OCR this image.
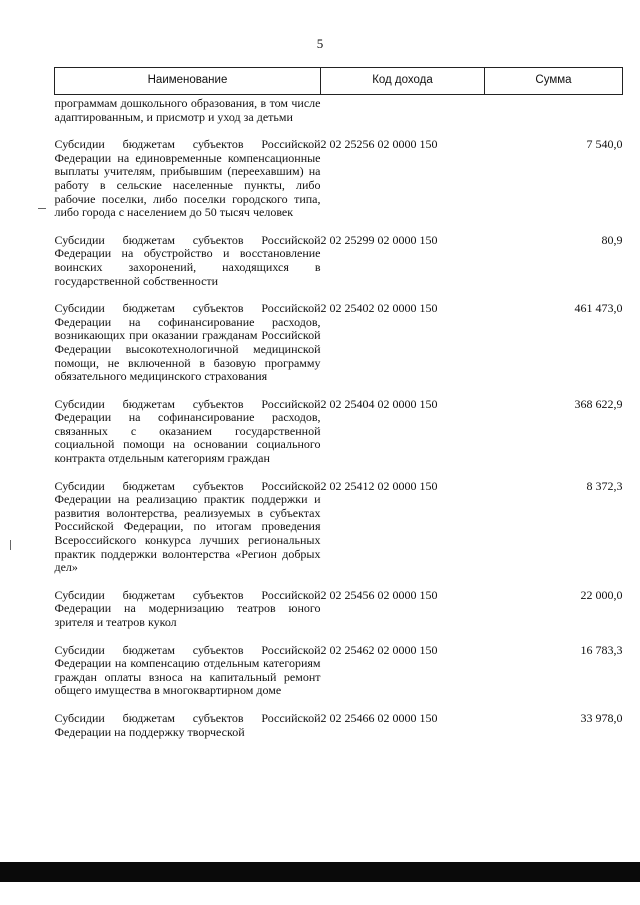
5
Наименование	Код дохода	Сумма
программам дошкольного образования, в том числе адаптированным, и присмотр и уход за детьми		
Субсидии бюджетам субъектов Российской Федерации на единовременные компенсационные выплаты учителям, прибывшим (переехавшим) на работу в сельские населенные пункты, либо рабочие поселки, либо поселки городского типа, либо города с населением до 50 тысяч человек	2 02 25256 02 0000 150	7 540,0
Субсидии бюджетам субъектов Российской Федерации на обустройство и восстановление воинских захоронений, находящихся в государственной собственности	2 02 25299 02 0000 150	80,9
Субсидии бюджетам субъектов Российской Федерации на софинансирование расходов, возникающих при оказании гражданам Российской Федерации высокотехнологичной медицинской помощи, не включенной в базовую программу обязательного медицинского страхования	2 02 25402 02 0000 150	461 473,0
Субсидии бюджетам субъектов Российской Федерации на софинансирование расходов, связанных с оказанием государственной социальной помощи на основании социального контракта отдельным категориям граждан	2 02 25404 02 0000 150	368 622,9
Субсидии бюджетам субъектов Российской Федерации на реализацию практик поддержки и развития волонтерства, реализуемых в субъектах Российской Федерации, по итогам проведения Всероссийского конкурса лучших региональных практик поддержки волонтерства «Регион добрых дел»	2 02 25412 02 0000 150	8 372,3
Субсидии бюджетам субъектов Российской Федерации на модернизацию театров юного зрителя и театров кукол	2 02 25456 02 0000 150	22 000,0
Субсидии бюджетам субъектов Российской Федерации на компенсацию отдельным категориям граждан оплаты взноса на капитальный ремонт общего имущества в многоквартирном доме	2 02 25462 02 0000 150	16 783,3
Субсидии бюджетам субъектов Российской Федерации на поддержку творческой	2 02 25466 02 0000 150	33 978,0
